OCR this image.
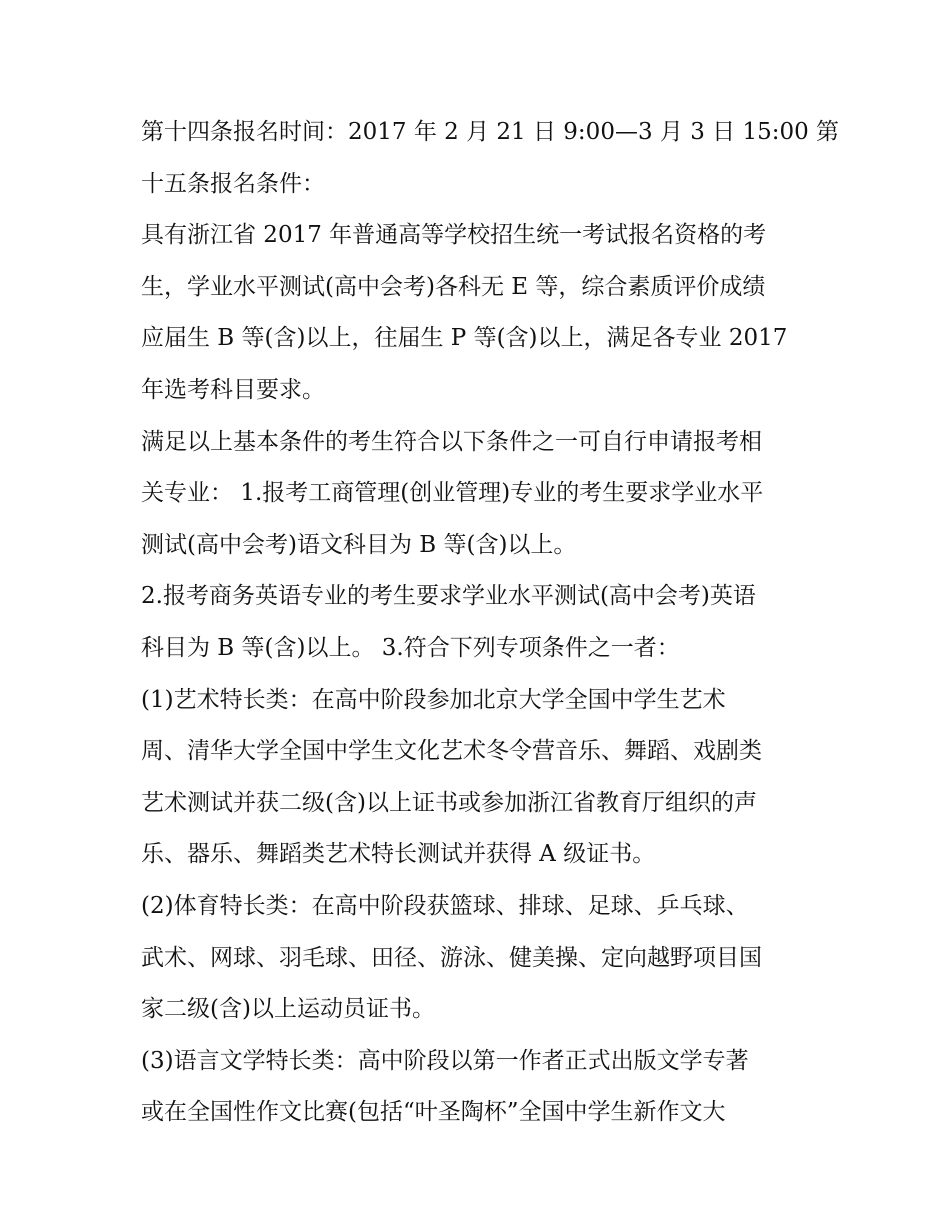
第十四条报名时间：2017 年 2 月 21 日 9:00—3 月 3 日 15:00 第
十五条报名条件：
具有浙江省 2017 年普通高等学校招生统一考试报名资格的考
生，学业水平测试(高中会考)各科无 E 等，综合素质评价成绩
应届生 B 等(含)以上，往届生 P 等(含)以上，满足各专业 2017
年选考科目要求。
满足以上基本条件的考生符合以下条件之一可自行申请报考相
关专业： 1.报考工商管理(创业管理)专业的考生要求学业水平
测试(高中会考)语文科目为 B 等(含)以上。
2.报考商务英语专业的考生要求学业水平测试(高中会考)英语
科目为 B 等(含)以上。 3.符合下列专项条件之一者：
(1)艺术特长类：在高中阶段参加北京大学全国中学生艺术
周、清华大学全国中学生文化艺术冬令营音乐、舞蹈、戏剧类
艺术测试并获二级(含)以上证书或参加浙江省教育厅组织的声
乐、器乐、舞蹈类艺术特长测试并获得 A 级证书。
(2)体育特长类：在高中阶段获篮球、排球、足球、乒乓球、
武术、网球、羽毛球、田径、游泳、健美操、定向越野项目国
家二级(含)以上运动员证书。
(3)语言文学特长类：高中阶段以第一作者正式出版文学专著
或在全国性作文比赛(包括“叶圣陶杯”全国中学生新作文大
